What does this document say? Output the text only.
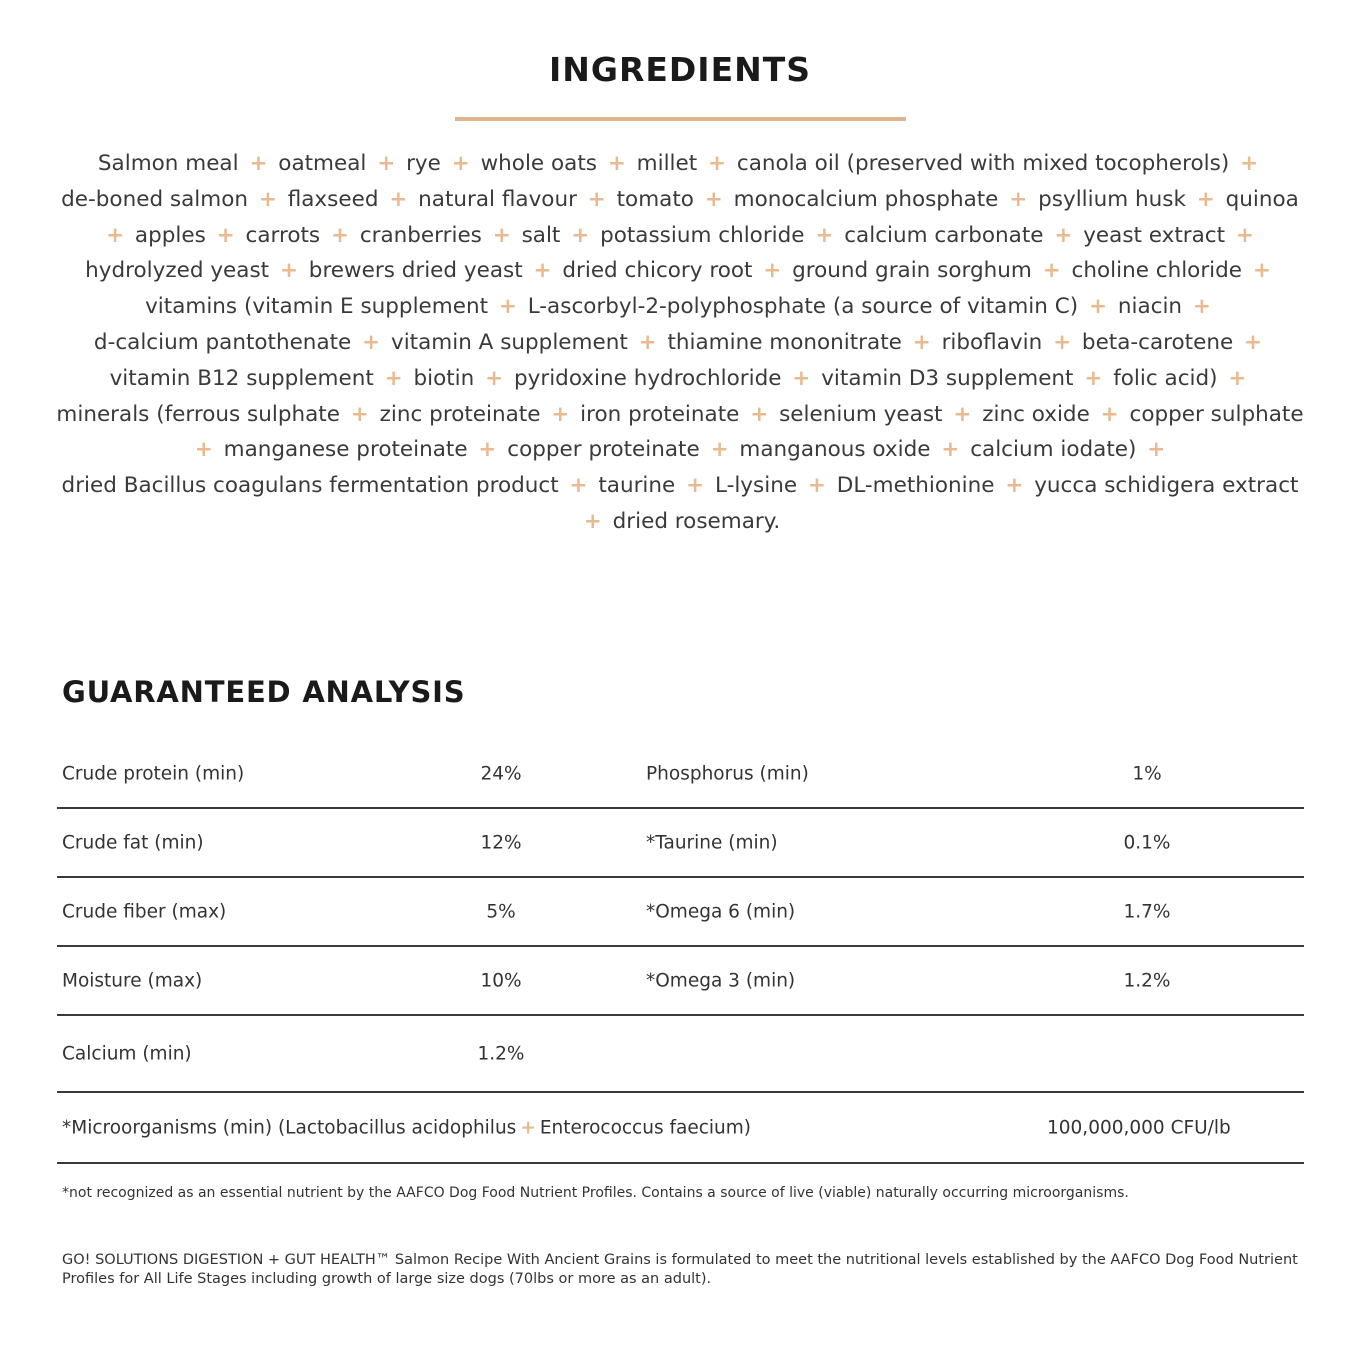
INGREDIENTS

Salmon meal + oatmeal + rye + whole oats + millet + canola oil (preserved with mixed tocopherols) + de-boned salmon + flaxseed + natural flavour + tomato + monocalcium phosphate + psyllium husk + quinoa + apples + carrots + cranberries + salt + potassium chloride + calcium carbonate + yeast extract + hydrolyzed yeast + brewers dried yeast + dried chicory root + ground grain sorghum + choline chloride + vitamins (vitamin E supplement + L-ascorbyl-2-polyphosphate (a source of vitamin C) + niacin + d-calcium pantothenate + vitamin A supplement + thiamine mononitrate + riboflavin + beta-carotene + vitamin B12 supplement + biotin + pyridoxine hydrochloride + vitamin D3 supplement + folic acid) + minerals (ferrous sulphate + zinc proteinate + iron proteinate + selenium yeast + zinc oxide + copper sulphate + manganese proteinate + copper proteinate + manganous oxide + calcium iodate) + dried Bacillus coagulans fermentation product + taurine + L-lysine + DL-methionine + yucca schidigera extract + dried rosemary.

GUARANTEED ANALYSIS
Crude protein (min)	24%	Phosphorus (min)	1%
Crude fat (min)	12%	*Taurine (min)	0.1%
Crude fiber (max)	5%	*Omega 6 (min)	1.7%
Moisture (max)	10%	*Omega 3 (min)	1.2%
Calcium (min)	1.2%
*Microorganisms (min) (Lactobacillus acidophilus + Enterococcus faecium)	100,000,000 CFU/lb

*not recognized as an essential nutrient by the AAFCO Dog Food Nutrient Profiles. Contains a source of live (viable) naturally occurring microorganisms.

GO! SOLUTIONS DIGESTION + GUT HEALTH™ Salmon Recipe With Ancient Grains is formulated to meet the nutritional levels established by the AAFCO Dog Food Nutrient Profiles for All Life Stages including growth of large size dogs (70lbs or more as an adult).
